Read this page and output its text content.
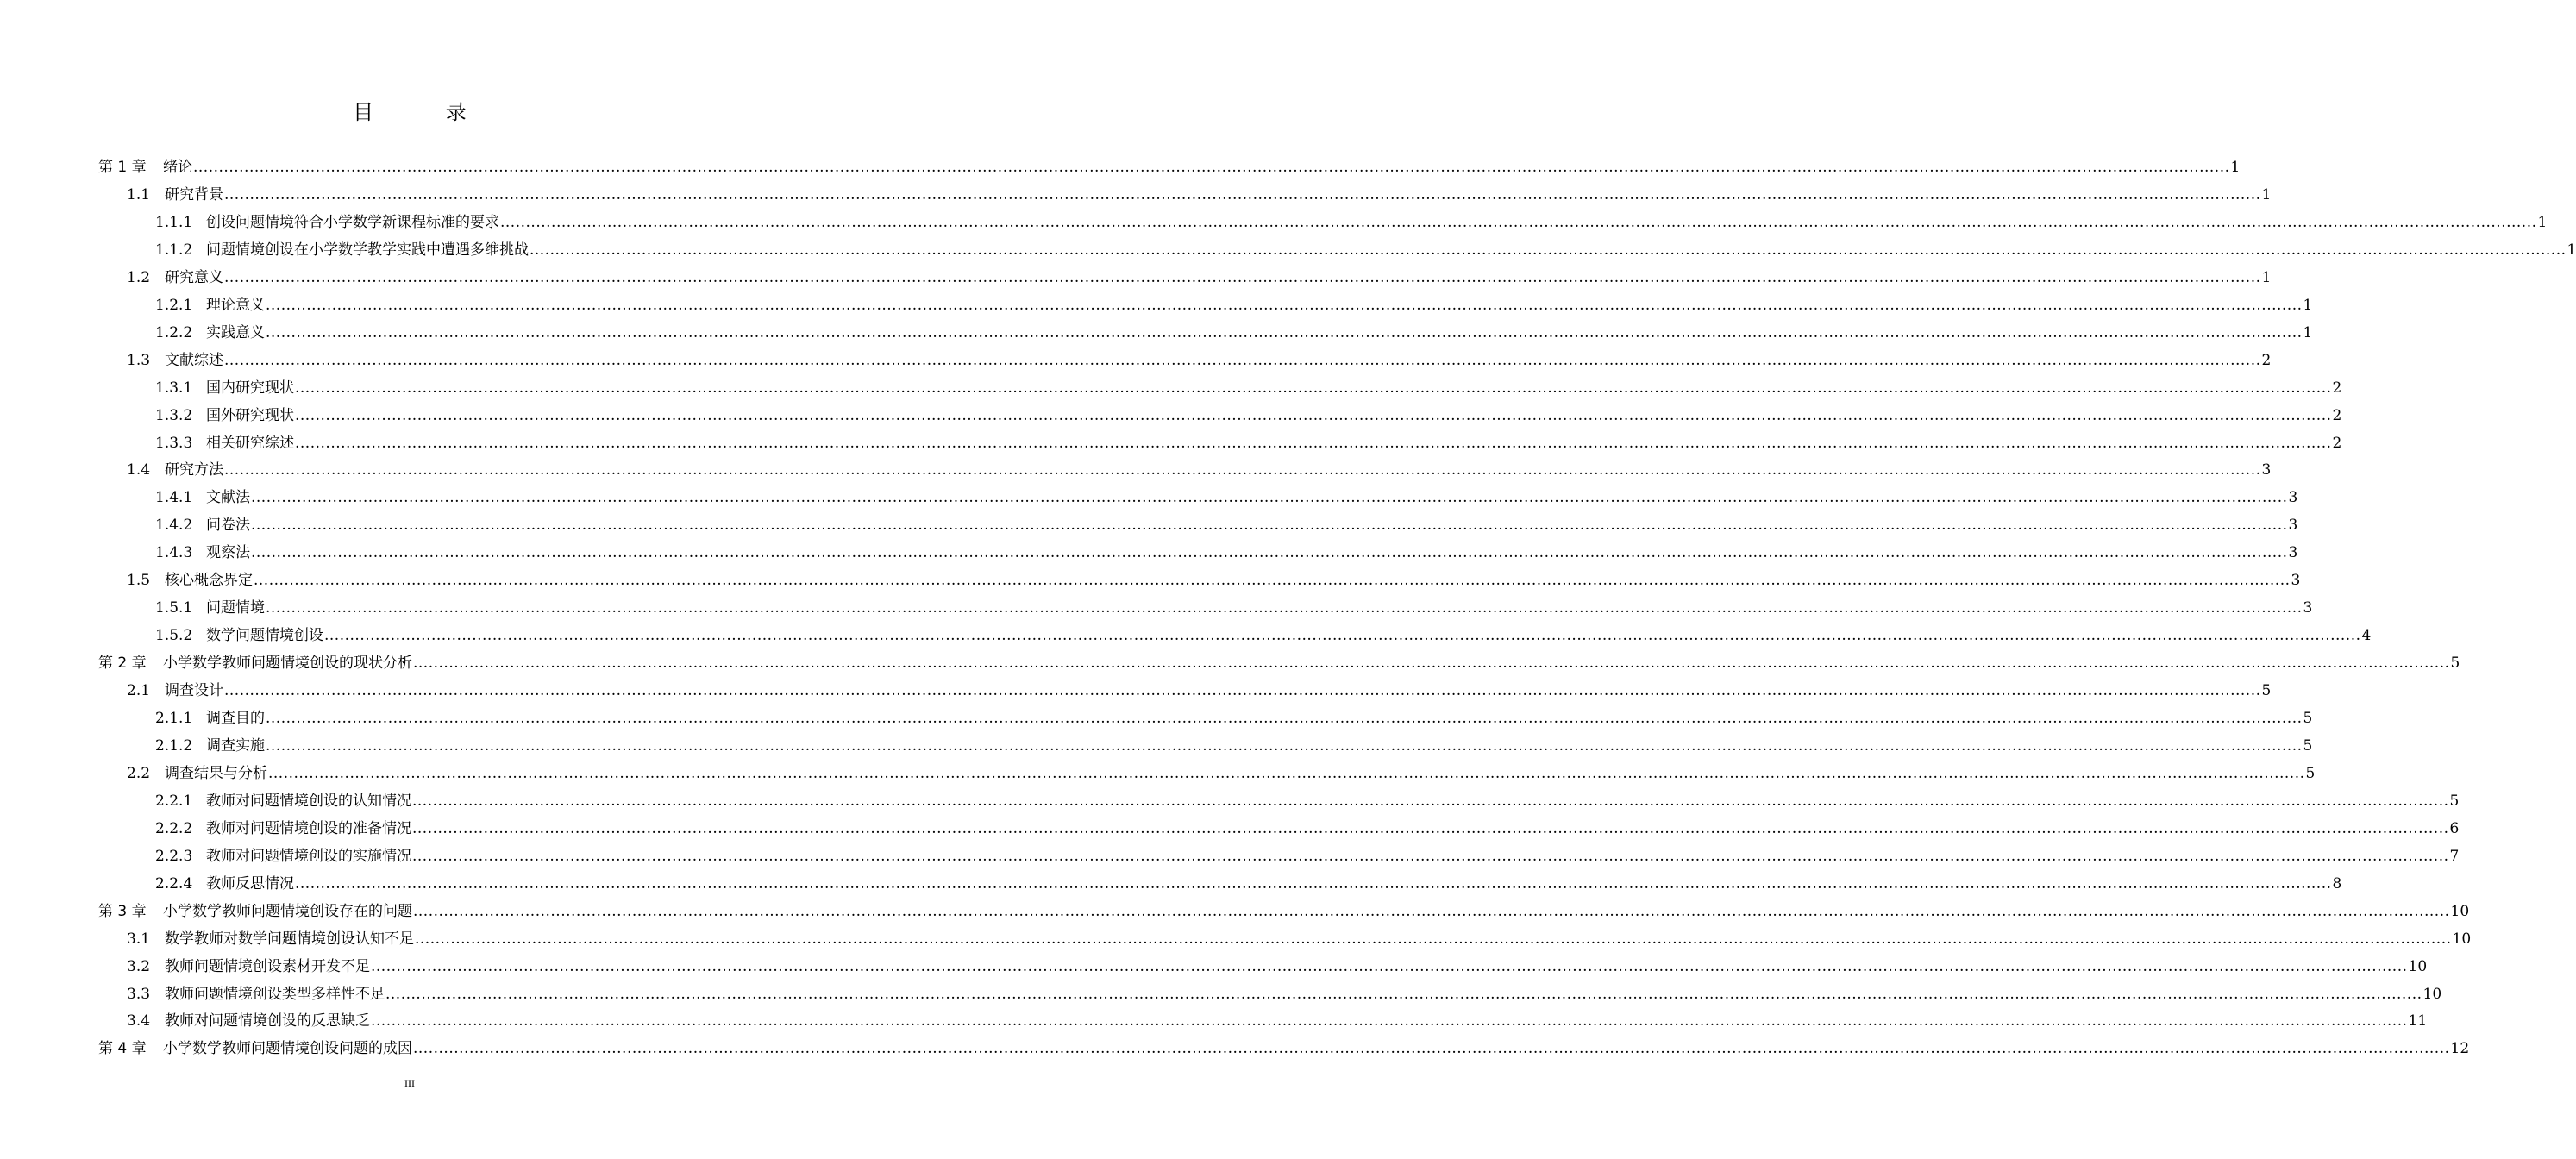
目 录
第 1 章	绪论 ................................................................................................................................................................................................................................................................................................................................................................................................................ 1
1.1 研究背景 ................................................................................................................................................................................................................................................................................................................................................................................................................ 1
1.1.1 创设问题情境符合小学数学新课程标准的要求 ................................................................................................................................................................................................................................................................................................................................................................................................................ 1
1.1.2 问题情境创设在小学数学教学实践中遭遇多维挑战 ................................................................................................................................................................................................................................................................................................................................................................................................................ 1
1.2 研究意义 ................................................................................................................................................................................................................................................................................................................................................................................................................ 1
1.2.1 理论意义 ................................................................................................................................................................................................................................................................................................................................................................................................................ 1
1.2.2 实践意义 ................................................................................................................................................................................................................................................................................................................................................................................................................ 1
1.3 文献综述 ................................................................................................................................................................................................................................................................................................................................................................................................................ 2
1.3.1 国内研究现状 ................................................................................................................................................................................................................................................................................................................................................................................................................ 2
1.3.2 国外研究现状 ................................................................................................................................................................................................................................................................................................................................................................................................................ 2
1.3.3 相关研究综述 ................................................................................................................................................................................................................................................................................................................................................................................................................ 2
1.4 研究方法 ................................................................................................................................................................................................................................................................................................................................................................................................................ 3
1.4.1 文献法 ................................................................................................................................................................................................................................................................................................................................................................................................................ 3
1.4.2 问卷法 ................................................................................................................................................................................................................................................................................................................................................................................................................ 3
1.4.3 观察法 ................................................................................................................................................................................................................................................................................................................................................................................................................ 3
1.5 核心概念界定 ................................................................................................................................................................................................................................................................................................................................................................................................................ 3
1.5.1 问题情境 ................................................................................................................................................................................................................................................................................................................................................................................................................ 3
1.5.2 数学问题情境创设 ................................................................................................................................................................................................................................................................................................................................................................................................................ 4
第 2 章	小学数学教师问题情境创设的现状分析 ................................................................................................................................................................................................................................................................................................................................................................................................................ 5
2.1 调查设计 ................................................................................................................................................................................................................................................................................................................................................................................................................ 5
2.1.1 调查目的 ................................................................................................................................................................................................................................................................................................................................................................................................................ 5
2.1.2 调查实施 ................................................................................................................................................................................................................................................................................................................................................................................................................ 5
2.2 调查结果与分析 ................................................................................................................................................................................................................................................................................................................................................................................................................ 5
2.2.1 教师对问题情境创设的认知情况 ................................................................................................................................................................................................................................................................................................................................................................................................................ 5
2.2.2 教师对问题情境创设的准备情况 ................................................................................................................................................................................................................................................................................................................................................................................................................ 6
2.2.3 教师对问题情境创设的实施情况 ................................................................................................................................................................................................................................................................................................................................................................................................................ 7
2.2.4 教师反思情况 ................................................................................................................................................................................................................................................................................................................................................................................................................ 8
第 3 章	小学数学教师问题情境创设存在的问题 ................................................................................................................................................................................................................................................................................................................................................................................................................ 10
3.1 数学教师对数学问题情境创设认知不足 ................................................................................................................................................................................................................................................................................................................................................................................................................ 10
3.2 教师问题情境创设素材开发不足 ................................................................................................................................................................................................................................................................................................................................................................................................................ 10
3.3 教师问题情境创设类型多样性不足 ................................................................................................................................................................................................................................................................................................................................................................................................................ 10
3.4 教师对问题情境创设的反思缺乏 ................................................................................................................................................................................................................................................................................................................................................................................................................ 11
第 4 章	小学数学教师问题情境创设问题的成因 ................................................................................................................................................................................................................................................................................................................................................................................................................ 12
III
